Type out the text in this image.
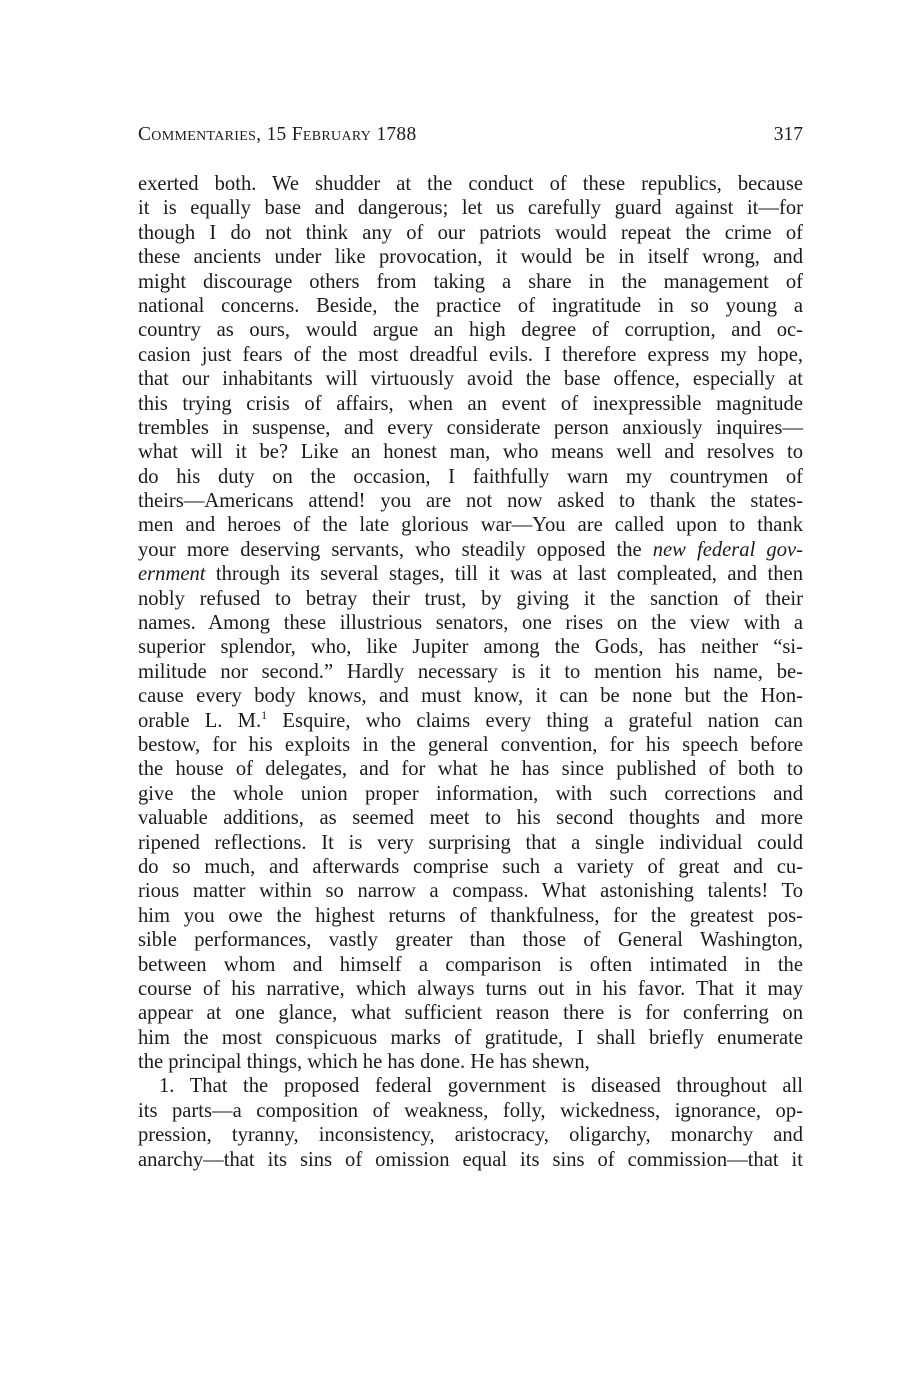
Commentaries, 15 February 1788	317
exerted both. We shudder at the conduct of these republics, because
it is equally base and dangerous; let us carefully guard against it—for
though I do not think any of our patriots would repeat the crime of
these ancients under like provocation, it would be in itself wrong, and
might discourage others from taking a share in the management of
national concerns. Beside, the practice of ingratitude in so young a
country as ours, would argue an high degree of corruption, and oc-
casion just fears of the most dreadful evils. I therefore express my hope,
that our inhabitants will virtuously avoid the base offence, especially at
this trying crisis of affairs, when an event of inexpressible magnitude
trembles in suspense, and every considerate person anxiously inquires—
what will it be? Like an honest man, who means well and resolves to
do his duty on the occasion, I faithfully warn my countrymen of
theirs—Americans attend! you are not now asked to thank the states-
men and heroes of the late glorious war—You are called upon to thank
your more deserving servants, who steadily opposed the new federal gov-
ernment through its several stages, till it was at last compleated, and then
nobly refused to betray their trust, by giving it the sanction of their
names. Among these illustrious senators, one rises on the view with a
superior splendor, who, like Jupiter among the Gods, has neither “si-
militude nor second.” Hardly necessary is it to mention his name, be-
cause every body knows, and must know, it can be none but the Hon-
orable L. M.$^1$ Esquire, who claims every thing a grateful nation can
bestow, for his exploits in the general convention, for his speech before
the house of delegates, and for what he has since published of both to
give the whole union proper information, with such corrections and
valuable additions, as seemed meet to his second thoughts and more
ripened reflections. It is very surprising that a single individual could
do so much, and afterwards comprise such a variety of great and cu-
rious matter within so narrow a compass. What astonishing talents! To
him you owe the highest returns of thankfulness, for the greatest pos-
sible performances, vastly greater than those of General Washington,
between whom and himself a comparison is often intimated in the
course of his narrative, which always turns out in his favor. That it may
appear at one glance, what sufficient reason there is for conferring on
him the most conspicuous marks of gratitude, I shall briefly enumerate
the principal things, which he has done. He has shewn,
1. That the proposed federal government is diseased throughout all
its parts—a composition of weakness, folly, wickedness, ignorance, op-
pression, tyranny, inconsistency, aristocracy, oligarchy, monarchy and
anarchy—that its sins of omission equal its sins of commission—that it
